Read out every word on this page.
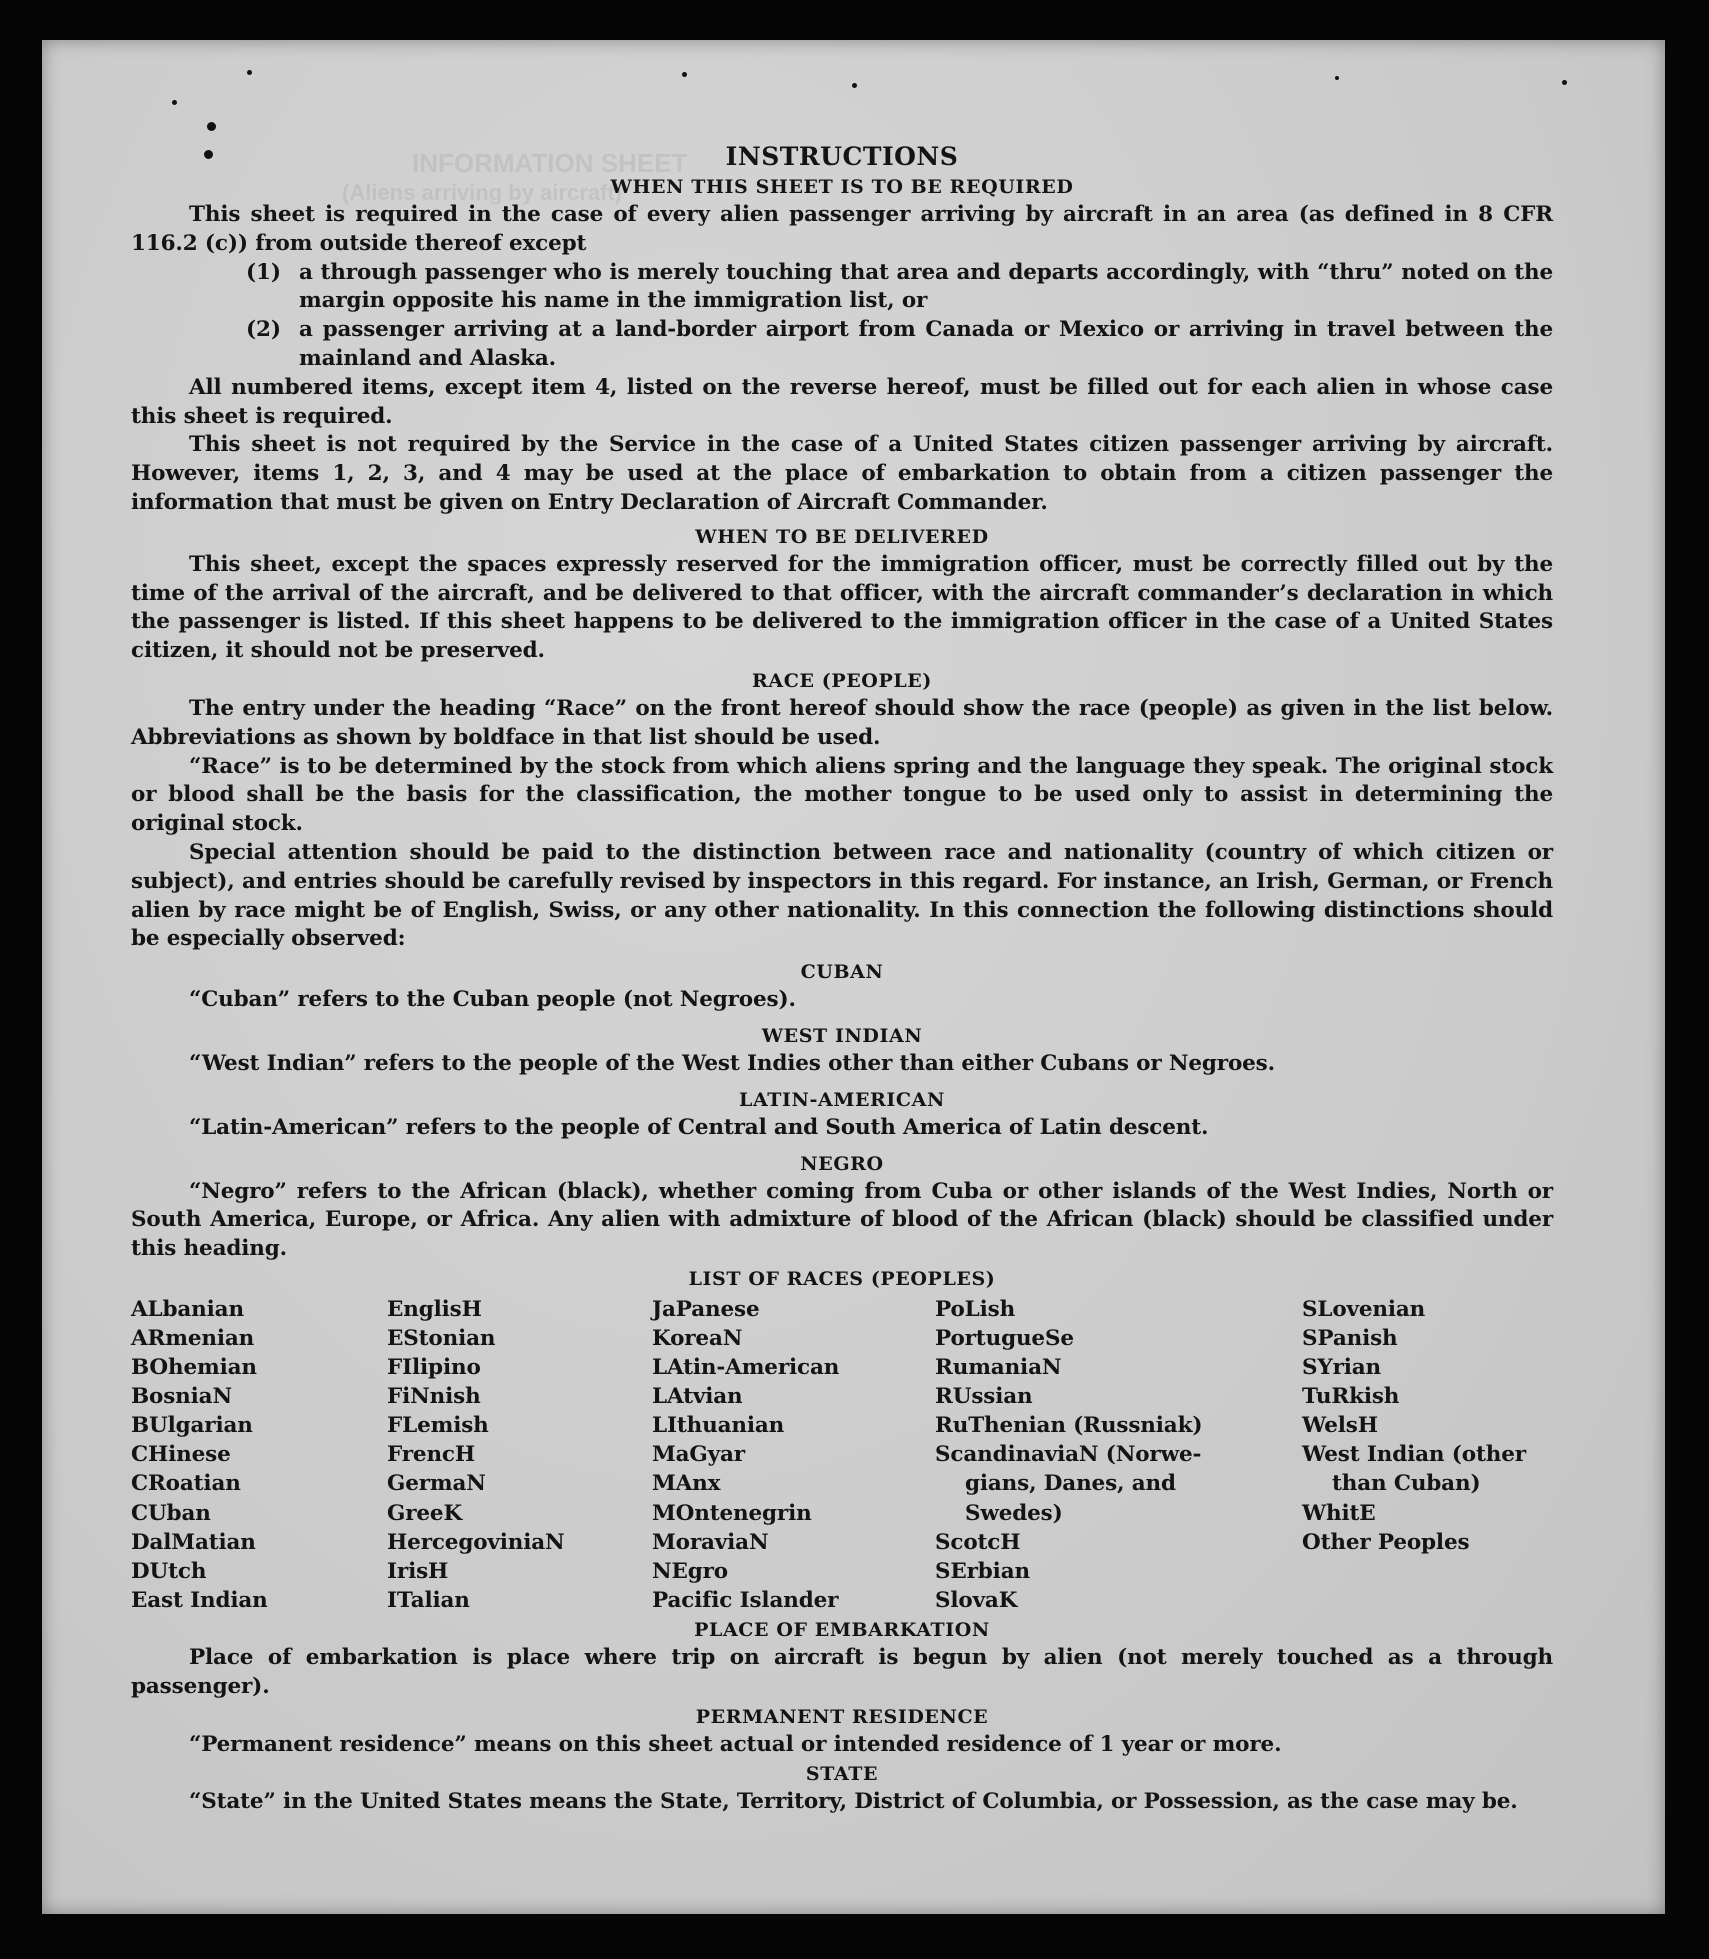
INFORMATION SHEET
(Aliens arriving by aircraft)
INSTRUCTIONS
WHEN THIS SHEET IS TO BE REQUIRED

This sheet is required in the case of every alien passenger arriving by aircraft in an area (as defined in 8 CFR 116.2 (c)) from outside thereof except

(1) a through passenger who is merely touching that area and departs accordingly, with “thru” noted on the margin opposite his name in the immigration list, or
(2) a passenger arriving at a land-border airport from Canada or Mexico or arriving in travel between the mainland and Alaska.

All numbered items, except item 4, listed on the reverse hereof, must be filled out for each alien in whose case this sheet is required.

This sheet is not required by the Service in the case of a United States citizen passenger arriving by aircraft. However, items 1, 2, 3, and 4 may be used at the place of embarkation to obtain from a citizen passenger the information that must be given on Entry Declaration of Aircraft Commander.

WHEN TO BE DELIVERED

This sheet, except the spaces expressly reserved for the immigration officer, must be correctly filled out by the time of the arrival of the aircraft, and be delivered to that officer, with the aircraft commander’s declaration in which the passenger is listed. If this sheet happens to be delivered to the immigration officer in the case of a United States citizen, it should not be preserved.

RACE (PEOPLE)

The entry under the heading “Race” on the front hereof should show the race (people) as given in the list below. Abbreviations as shown by boldface in that list should be used.

“Race” is to be determined by the stock from which aliens spring and the language they speak. The original stock or blood shall be the basis for the classification, the mother tongue to be used only to assist in determining the original stock.

Special attention should be paid to the distinction between race and nationality (country of which citizen or subject), and entries should be carefully revised by inspectors in this regard. For instance, an Irish, German, or French alien by race might be of English, Swiss, or any other nationality. In this connection the following distinctions should be especially observed:

CUBAN
“Cuban” refers to the Cuban people (not Negroes).
WEST INDIAN
“West Indian” refers to the people of the West Indies other than either Cubans or Negroes.
LATIN-AMERICAN
“Latin-American” refers to the people of Central and South America of Latin descent.
NEGRO

“Negro” refers to the African (black), whether coming from Cuba or other islands of the West Indies, North or South America, Europe, or Africa. Any alien with admixture of blood of the African (black) should be classified under this heading.

LIST OF RACES (PEOPLES)
ALbanian
ARmenian
BOhemian
BosniaN
BUlgarian
CHinese
CRoatian
CUban
DalMatian
DUtch
East Indian
EnglisH
EStonian
FIlipino
FiNnish
FLemish
FrencH
GermaN
GreeK
HercegoviniaN
IrisH
ITalian
JaPanese
KoreaN
LAtin-American
LAtvian
LIthuanian
MaGyar
MAnx
MOntenegrin
MoraviaN
NEgro
Pacific Islander
PoLish
PortugueSe
RumaniaN
RUssian
RuThenian (Russniak)
ScandinaviaN (Norwe-
gians, Danes, and
Swedes)
ScotcH
SErbian
SlovaK
SLovenian
SPanish
SYrian
TuRkish
WelsH
West Indian (other
than Cuban)
WhitE
Other Peoples
PLACE OF EMBARKATION

Place of embarkation is place where trip on aircraft is begun by alien (not merely touched as a through passenger).

PERMANENT RESIDENCE
“Permanent residence” means on this sheet actual or intended residence of 1 year or more.
STATE

“State” in the United States means the State, Territory, District of Columbia, or Possession, as the case may be.
